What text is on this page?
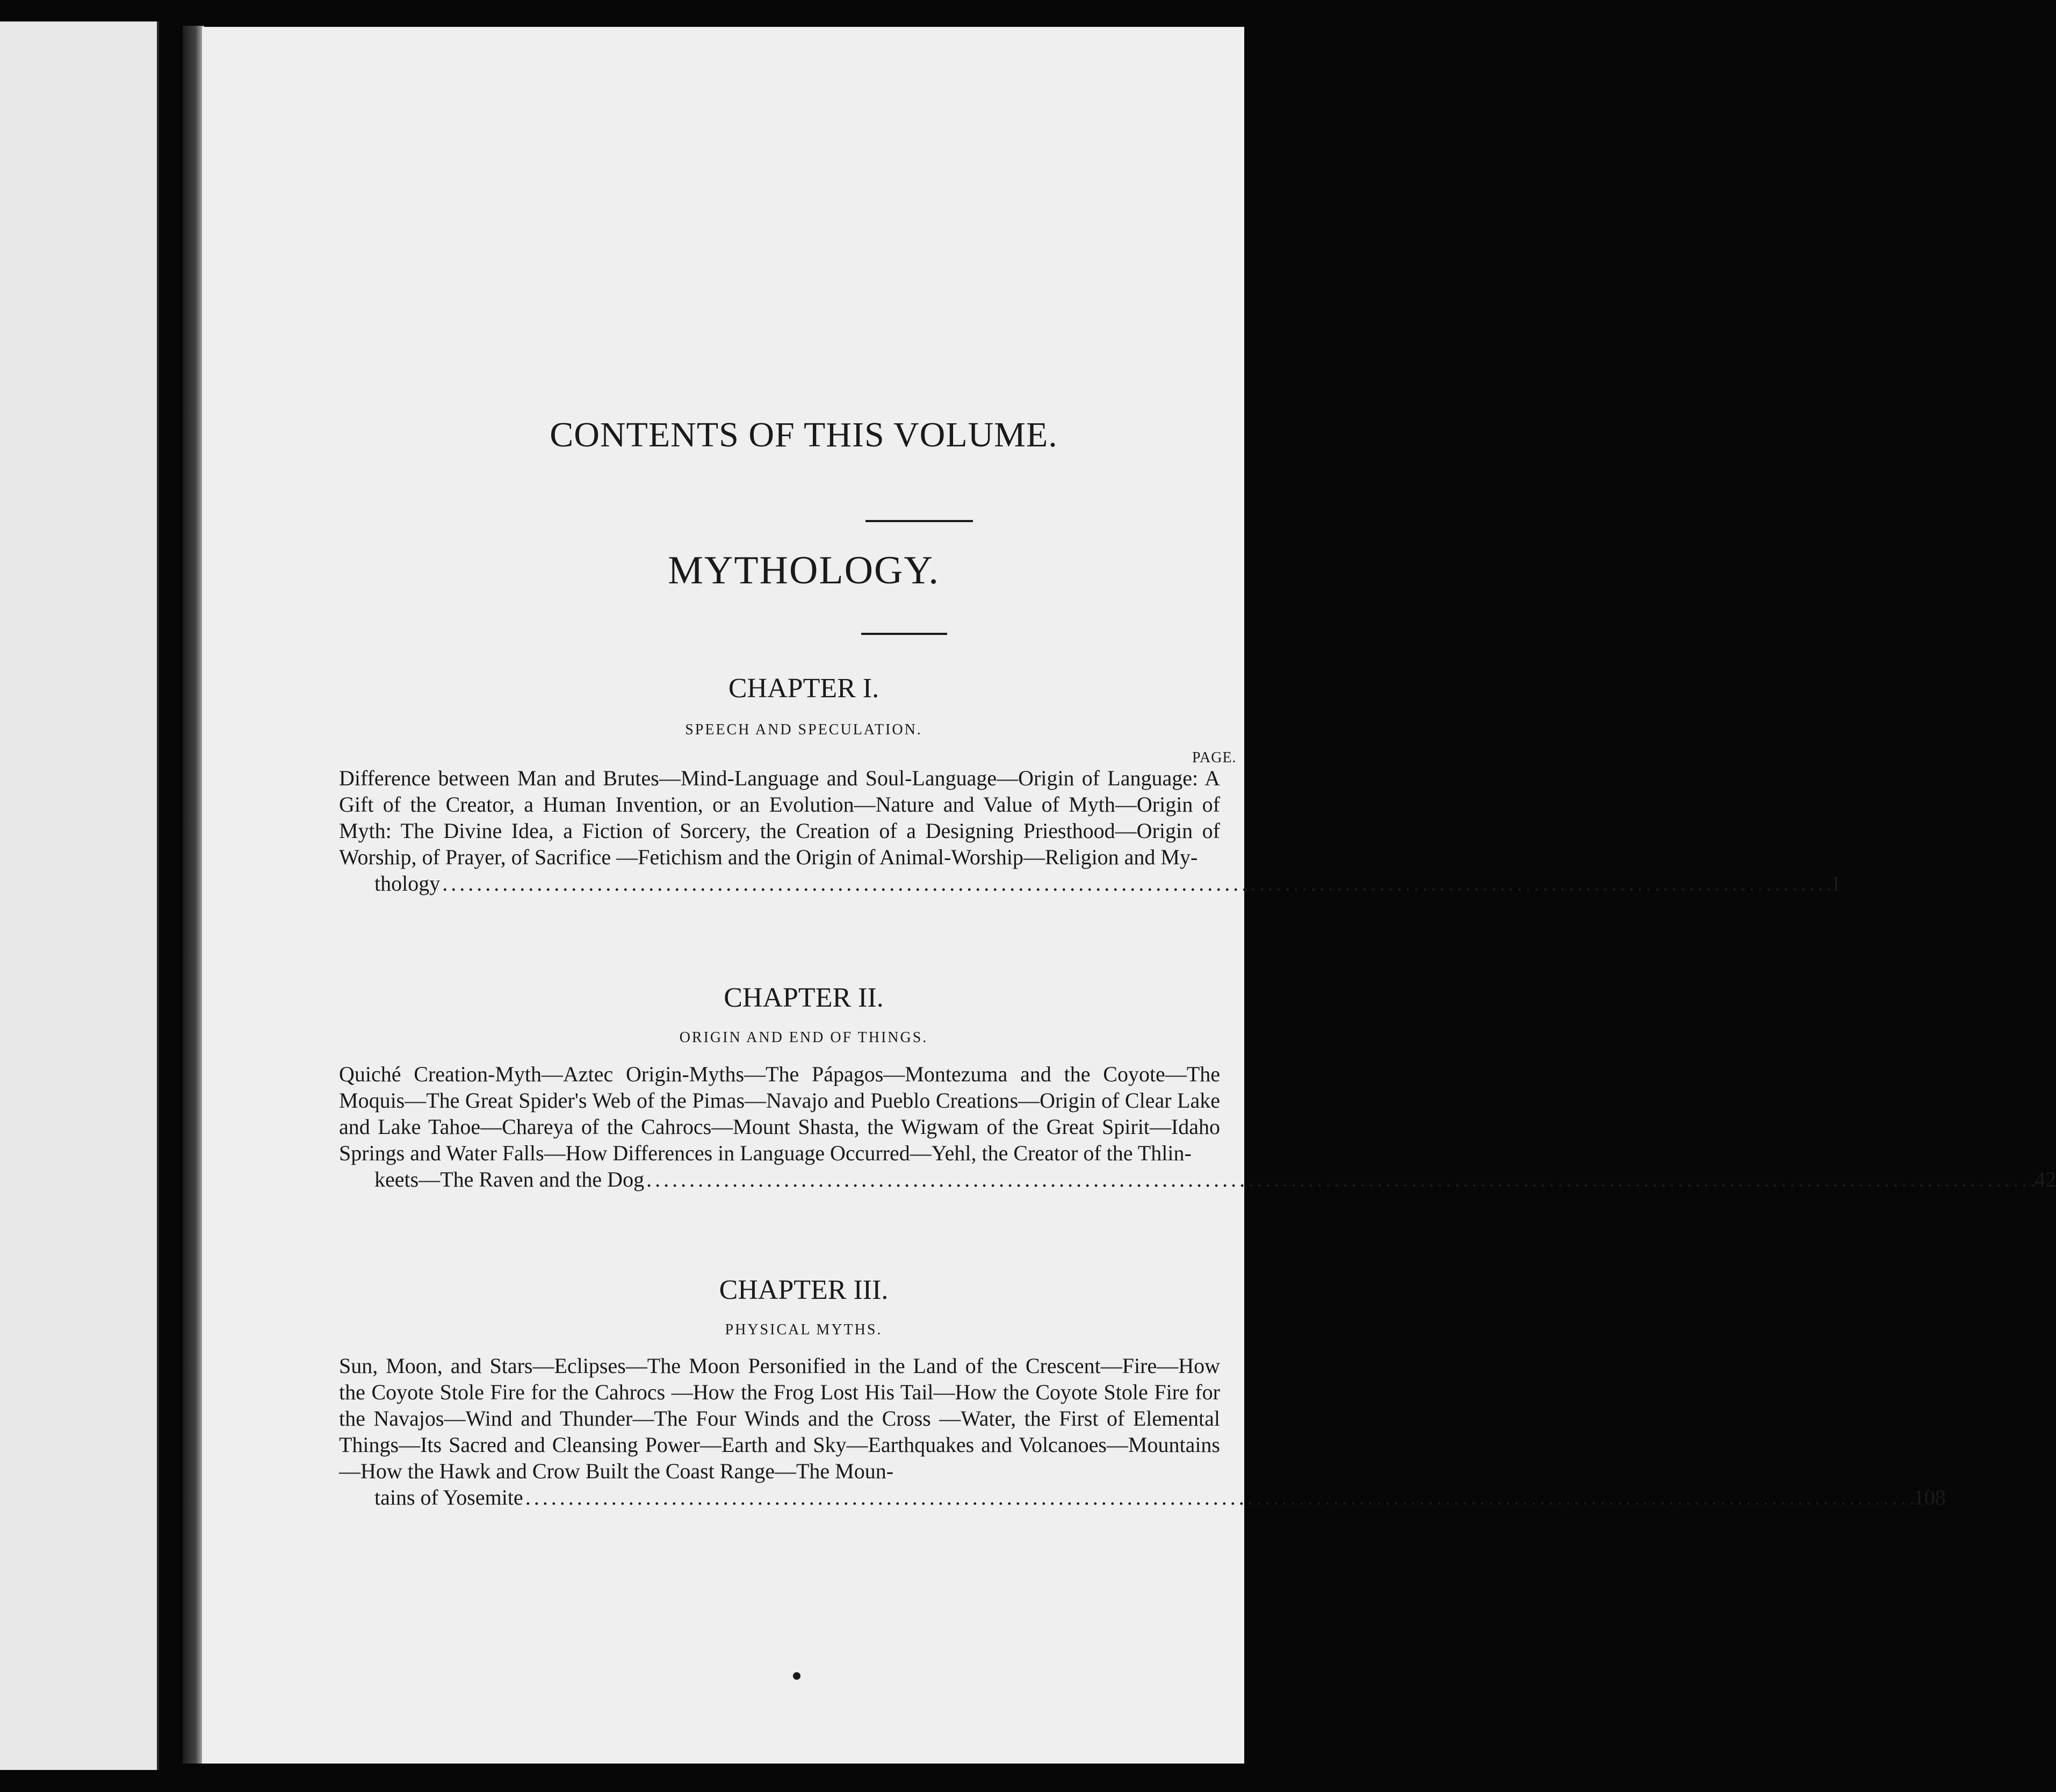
CONTENTS OF THIS VOLUME.
MYTHOLOGY.
CHAPTER I.
SPEECH AND SPECULATION.
PAGE.

Difference between Man and Brutes—Mind-Language and Soul-Language—Origin of Language: A Gift of the Creator, a Human Invention, or an Evolution—Nature and Value of Myth—Origin of Myth: The Divine Idea, a Fiction of Sorcery, the Creation of a Designing Priesthood—Origin of Worship, of Prayer, of Sacrifice —Fetichism and the Origin of Animal-Worship—Religion and My-

thology . . .	1
CHAPTER II.
ORIGIN AND END OF THINGS.

Quiché Creation-Myth—Aztec Origin-Myths—The Pápagos—Montezuma and the Coyote—The Moquis—The Great Spider's Web of the Pimas—Navajo and Pueblo Creations—Origin of Clear Lake and Lake Tahoe—Chareya of the Cahrocs—Mount Shasta, the Wigwam of the Great Spirit—Idaho Springs and Water Falls—How Differences in Language Occurred—Yehl, the Creator of the Thlin-

keets—The Raven and the Dog . . .	42
CHAPTER III.
PHYSICAL MYTHS.

Sun, Moon, and Stars—Eclipses—The Moon Personified in the Land of the Crescent—Fire—How the Coyote Stole Fire for the Cahrocs —How the Frog Lost His Tail—How the Coyote Stole Fire for the Navajos—Wind and Thunder—The Four Winds and the Cross —Water, the First of Elemental Things—Its Sacred and Cleansing Power—Earth and Sky—Earthquakes and Volcanoes—Mountains —How the Hawk and Crow Built the Coast Range—The Moun-

tains of Yosemite . . .	108
